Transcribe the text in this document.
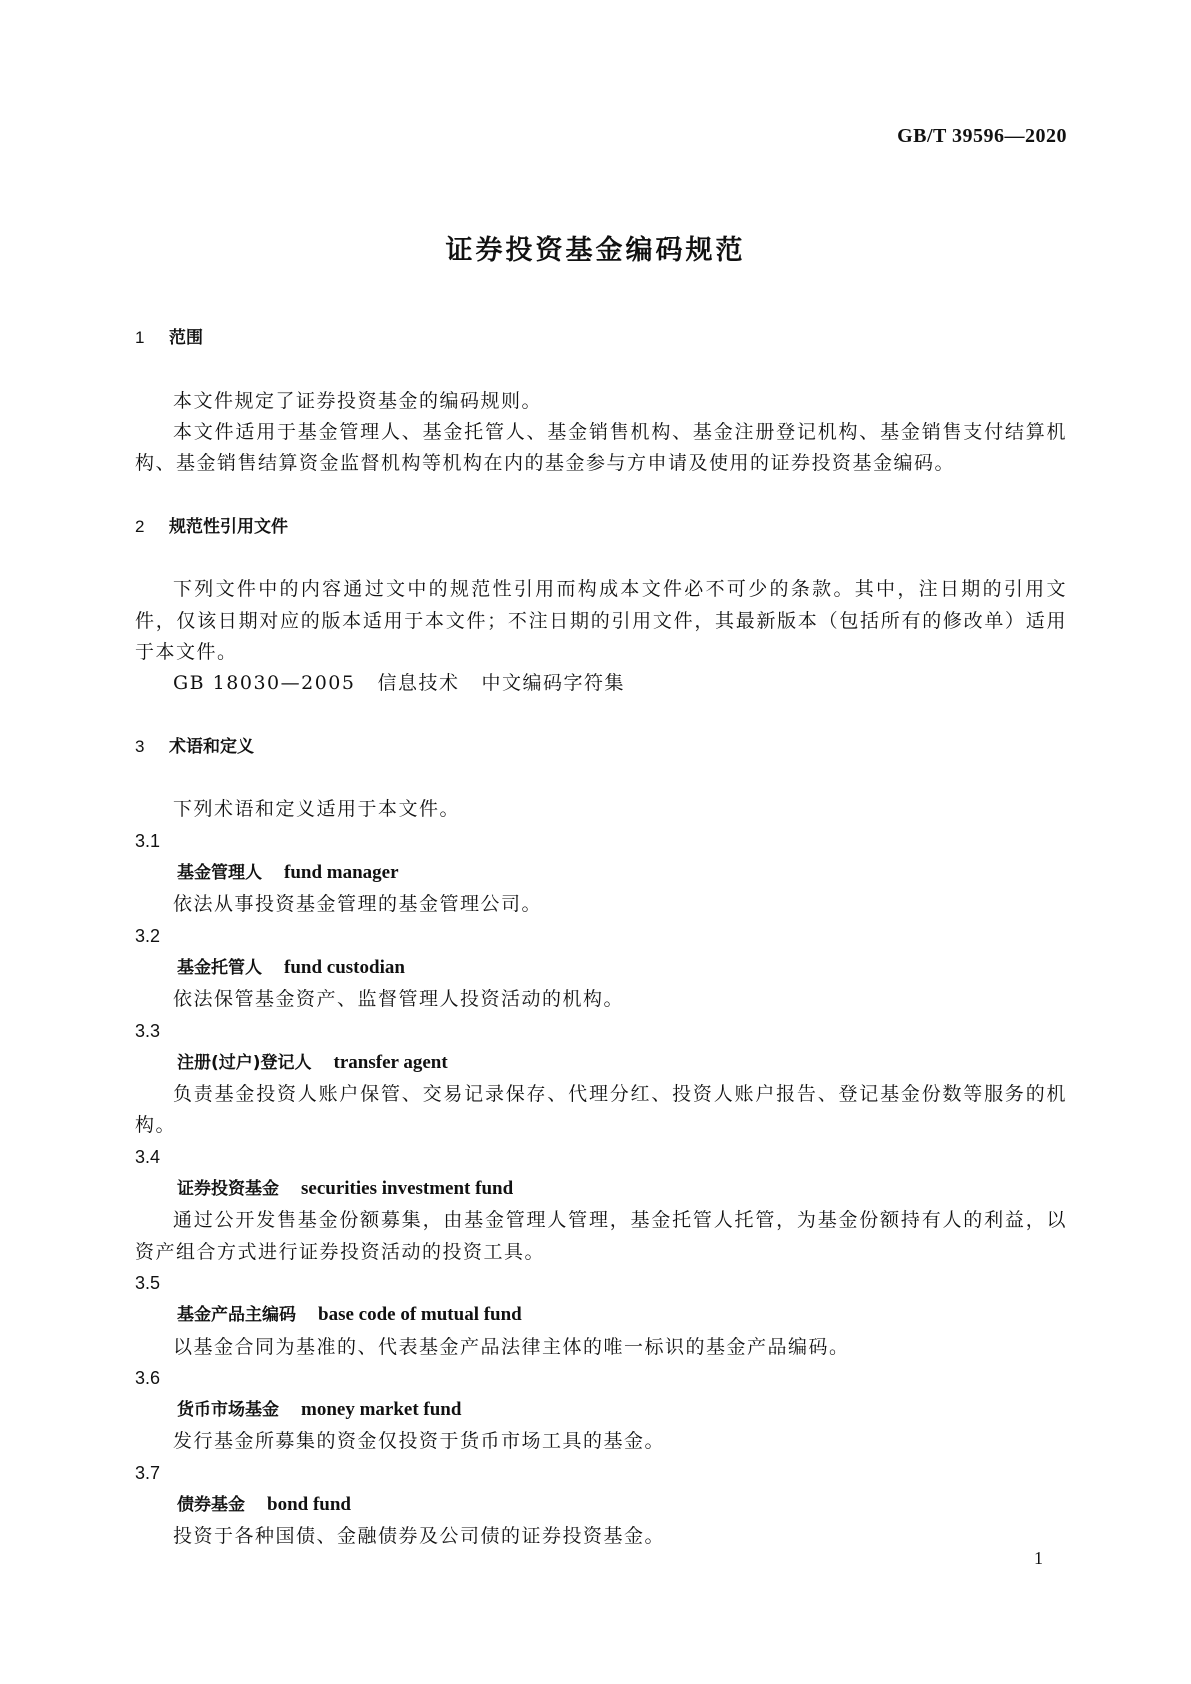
GB/T 39596—2020
证券投资基金编码规范
1 范围
本文件规定了证券投资基金的编码规则。
本文件适用于基金管理人、基金托管人、基金销售机构、基金注册登记机构、基金销售支付结算机构、基金销售结算资金监督机构等机构在内的基金参与方申请及使用的证券投资基金编码。
2 规范性引用文件
下列文件中的内容通过文中的规范性引用而构成本文件必不可少的条款。其中，注日期的引用文件，仅该日期对应的版本适用于本文件；不注日期的引用文件，其最新版本（包括所有的修改单）适用于本文件。
GB 18030—2005 信息技术 中文编码字符集
3 术语和定义
下列术语和定义适用于本文件。
3.1
基金管理人 fund manager
依法从事投资基金管理的基金管理公司。
3.2
基金托管人 fund custodian
依法保管基金资产、监督管理人投资活动的机构。
3.3
注册(过户)登记人 transfer agent
负责基金投资人账户保管、交易记录保存、代理分红、投资人账户报告、登记基金份数等服务的机构。
3.4
证券投资基金 securities investment fund
通过公开发售基金份额募集，由基金管理人管理，基金托管人托管，为基金份额持有人的利益，以资产组合方式进行证券投资活动的投资工具。
3.5
基金产品主编码 base code of mutual fund
以基金合同为基准的、代表基金产品法律主体的唯一标识的基金产品编码。
3.6
货币市场基金 money market fund
发行基金所募集的资金仅投资于货币市场工具的基金。
3.7
债券基金 bond fund
投资于各种国债、金融债券及公司债的证券投资基金。
1
